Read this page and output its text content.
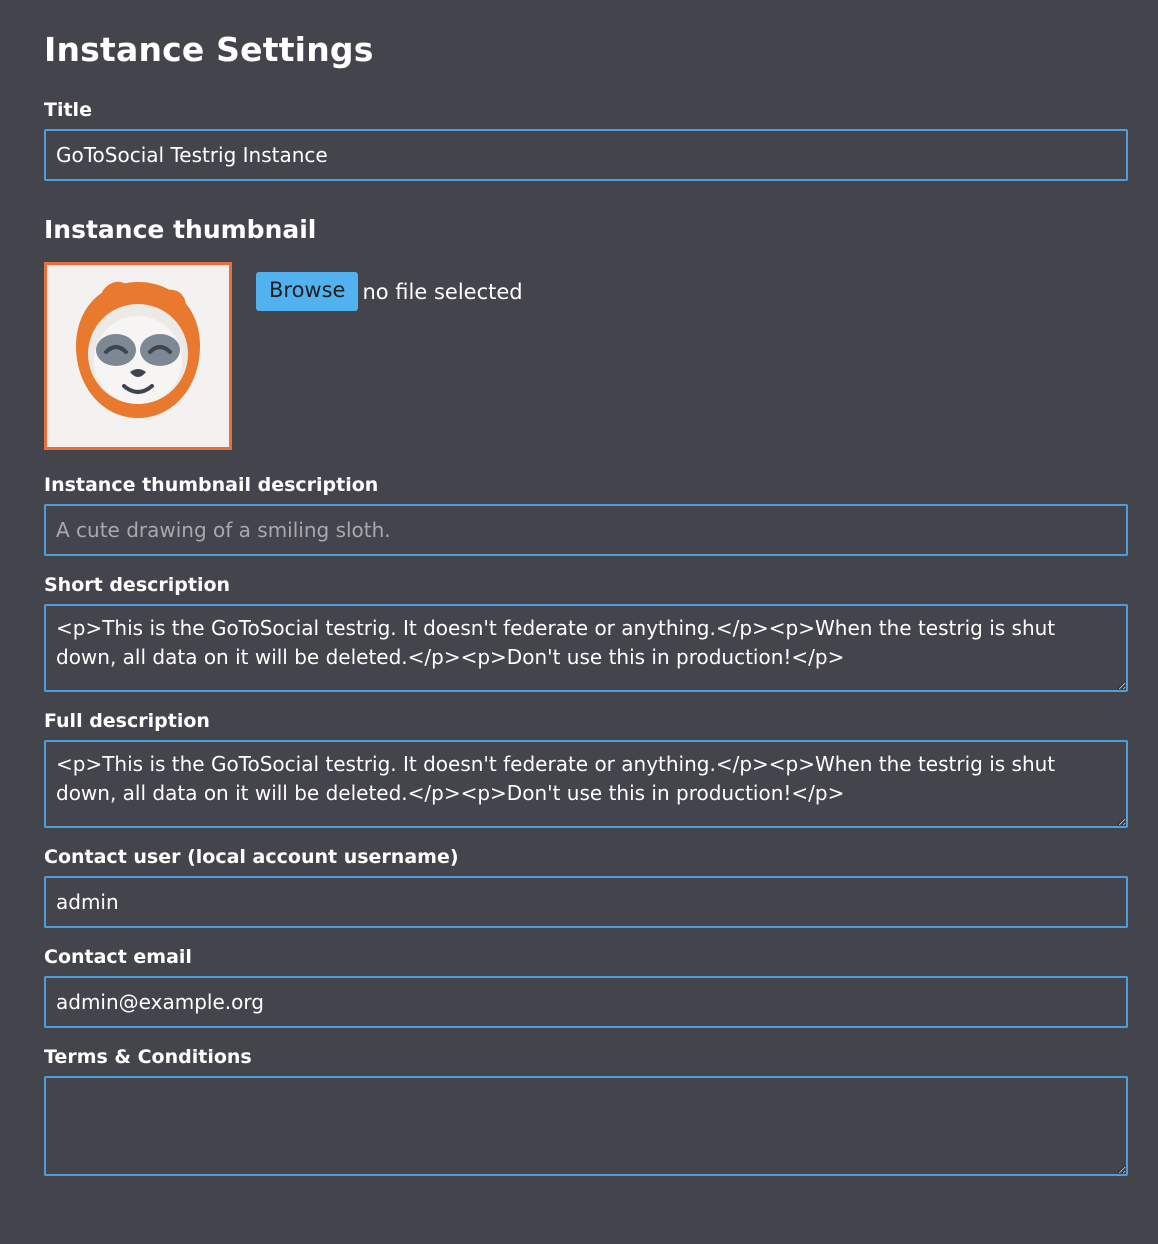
Instance Settings
Title
GoToSocial Testrig Instance
Instance thumbnail
Browse no file selected
Instance thumbnail description
A cute drawing of a smiling sloth.
Short description
<p>This is the GoToSocial testrig. It doesn't federate or anything.</p><p>When the testrig is shut down, all data on it will be deleted.</p><p>Don't use this in production!</p>
Full description
<p>This is the GoToSocial testrig. It doesn't federate or anything.</p><p>When the testrig is shut down, all data on it will be deleted.</p><p>Don't use this in production!</p>
Contact user (local account username)
admin
Contact email
admin@example.org
Terms & Conditions
